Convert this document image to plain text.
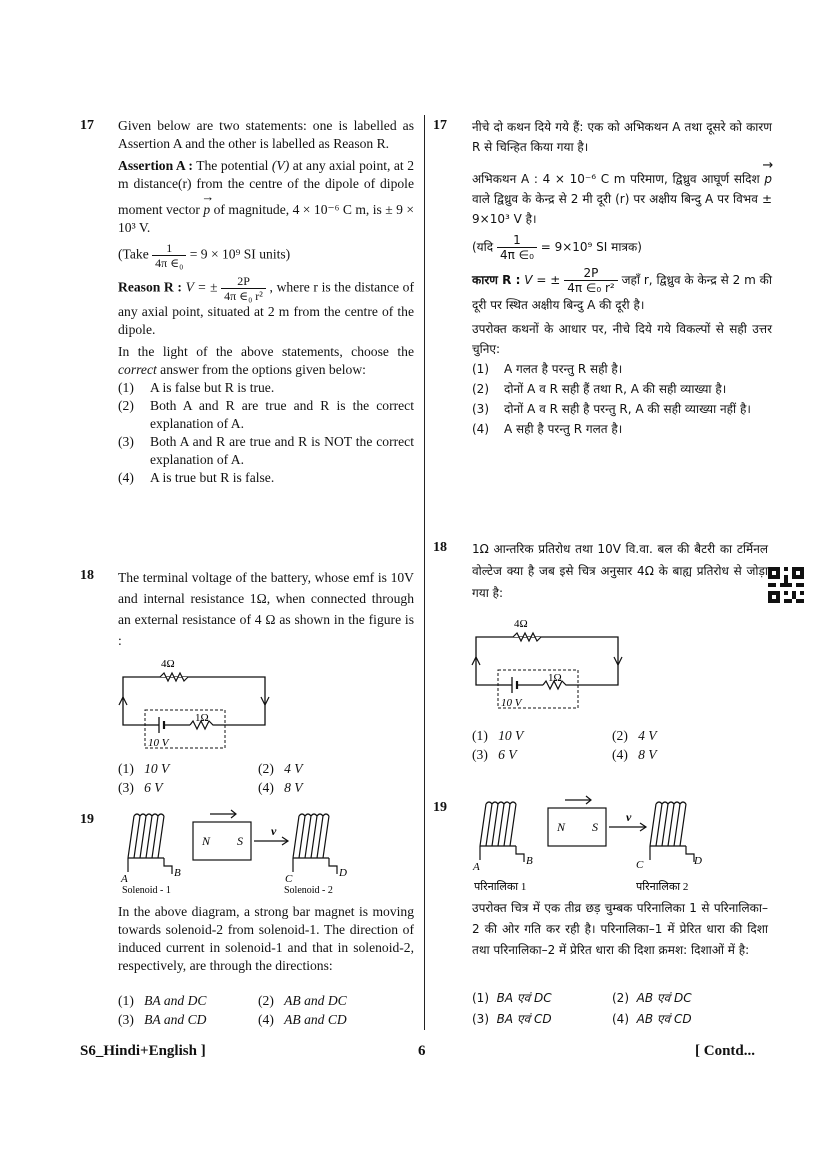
17 Given below are two statements: one is labelled as Assertion A and the other is labelled as Reason R.

Assertion A : The potential (V) at any axial point, at 2 m distance(r) from the centre of the dipole of dipole moment vector → p of magnitude, 4 × 10⁻⁶ C m, is ± 9 × 10³ V.

(Take $\frac{1}{\text{4π ∈₀}} = 9 \times 10^9$ SI units)

Reason R : V = ± $\frac{2P}{\text{4π ∈₀ r²}}$ , where r is the distance of any axial point, situated at 2 m from the centre of the dipole.

In the light of the above statements, choose the correct answer from the options given below:

(1)	A is false but R is true.
(2)	Both A and R are true and R is the correct explanation of A.
(3)	Both A and R are true and R is NOT the correct explanation of A.
(4)	A is true but R is false.
18 The terminal voltage of the battery, whose emf is 10V and internal resistance 1Ω, when connected through an external resistance of 4 Ω as shown in the figure is :

4Ω
1Ω
10 V
(1) 10 V	(2) 4 V
(3) 6 V	(4) 8 V
19
N S
v
A	B	C	D
Solenoid - 1	Solenoid - 2

In the above diagram, a strong bar magnet is moving towards solenoid-2 from solenoid-1. The direction of induced current in solenoid-1 and that in solenoid-2, respectively, are through the directions:

(1) BA and DC	(2) AB and DC
(3) BA and CD	(4) AB and CD
17 नीचे दो कथन दिये गये हैं: एक को अभिकथन A तथा दूसरे को कारण R से चिन्हित किया गया है।

अभिकथन A : 4 × 10⁻⁶ C m परिमाण, द्विध्रुव आघूर्ण सदिश → p वाले द्विध्रुव के केन्द्र से 2 मी दूरी (r) पर अक्षीय बिन्दु A पर विभव ± 9×10³ V है।

(यदि $\frac{1}{\text{4π ∈₀}} = 9\times 10^9$ SI मात्रक)

कारण R : V = ± $\frac{2P}{\text{4π ∈₀ r²}}$ जहाँ r, द्विध्रुव के केन्द्र से 2 m की दूरी पर स्थित अक्षीय बिन्दु A की दूरी है।

उपरोक्त कथनों के आधार पर, नीचे दिये गये विकल्पों से सही उत्तर चुनिए:

(1)	A गलत है परन्तु R सही है।
(2)	दोनों A व R सही हैं तथा R, A की सही व्याख्या है।
(3)	दोनों A व R सही है परन्तु R, A की सही व्याख्या नहीं है।
(4)	A सही है परन्तु R गलत है।
18 1Ω आन्तरिक प्रतिरोध तथा 10V वि.वा. बल की बैटरी का टर्मिनल वोल्टेज क्या है जब इसे चित्र अनुसार 4Ω के बाह्य प्रतिरोध से जोड़ा गया है:

4Ω
1Ω
10 V
(1) 10 V	(2) 4 V
(3) 6 V	(4) 8 V
19
N S
v
A	B	C	D
परिनालिका 1	परिनालिका 2

उपरोक्त चित्र में एक तीव्र छड़ चुम्बक परिनालिका 1 से परिनालिका–2 की ओर गति कर रही है। परिनालिका–1 में प्रेरित धारा की दिशा तथा परिनालिका–2 में प्रेरित धारा की दिशा क्रमश: दिशाओं में है:

(1) BA एवं DC	(2) AB एवं DC
(3) BA एवं CD	(4) AB एवं CD
S6_Hindi+English ]	6	[ Contd...
